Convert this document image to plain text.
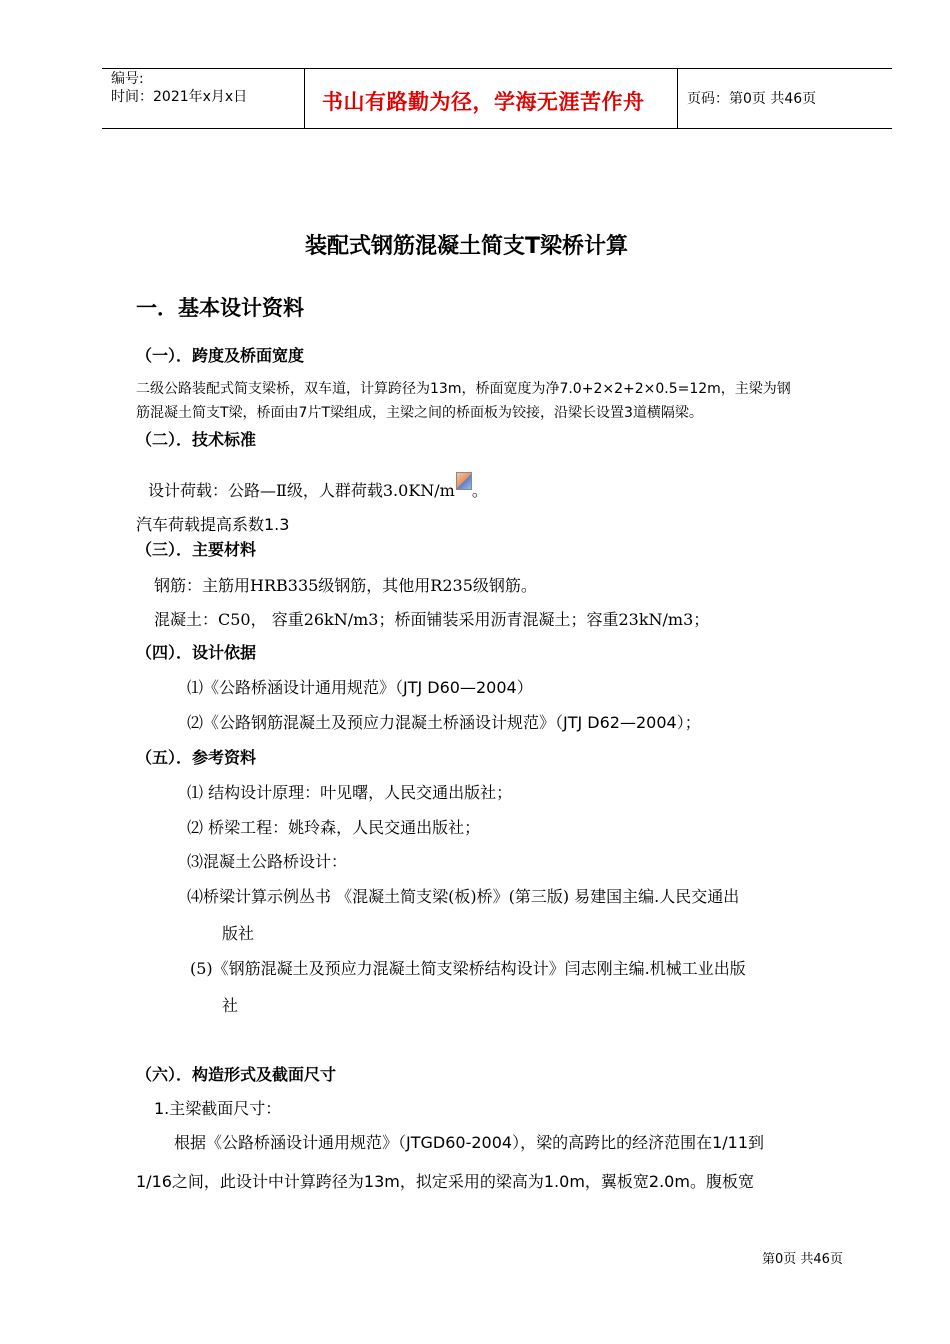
编号:
时间：2021年x月x日	书山有路勤为径，学海无涯苦作舟	页码：第0页 共46页
装配式钢筋混凝土简支T梁桥计算
一．基本设计资料
（一）．跨度及桥面宽度
二级公路装配式简支梁桥，双车道，计算跨径为13m，桥面宽度为净7.0+2×2+2×0.5=12m，主梁为钢
筋混凝土简支T梁，桥面由7片T梁组成，主梁之间的桥面板为铰接，沿梁长设置3道横隔梁。
（二）．技术标准
设计荷载：公路—Ⅱ级，人群荷载3.0KN/m 。
汽车荷载提高系数1.3
（三）．主要材料
钢筋：主筋用HRB335级钢筋，其他用R235级钢筋。
混凝土：C50， 容重26kN/m3；桥面铺装采用沥青混凝土；容重23kN/m3；
（四）．设计依据
⑴《公路桥涵设计通用规范》（JTJ D60—2004）
⑵《公路钢筋混凝土及预应力混凝土桥涵设计规范》（JTJ D62—2004）；
（五）．参考资料
⑴ 结构设计原理：叶见曙，人民交通出版社；
⑵ 桥梁工程：姚玲森，人民交通出版社；
⑶混凝土公路桥设计：
⑷桥梁计算示例丛书 《混凝土简支梁(板)桥》(第三版) 易建国主编.人民交通出
版社
(5)《钢筋混凝土及预应力混凝土简支梁桥结构设计》闫志刚主编.机械工业出版
社
（六）．构造形式及截面尺寸
1.主梁截面尺寸：
根据《公路桥涵设计通用规范》（JTGD60-2004），梁的高跨比的经济范围在1/11到
1/16之间，此设计中计算跨径为13m，拟定采用的梁高为1.0m，翼板宽2.0m。腹板宽
第0页 共46页
